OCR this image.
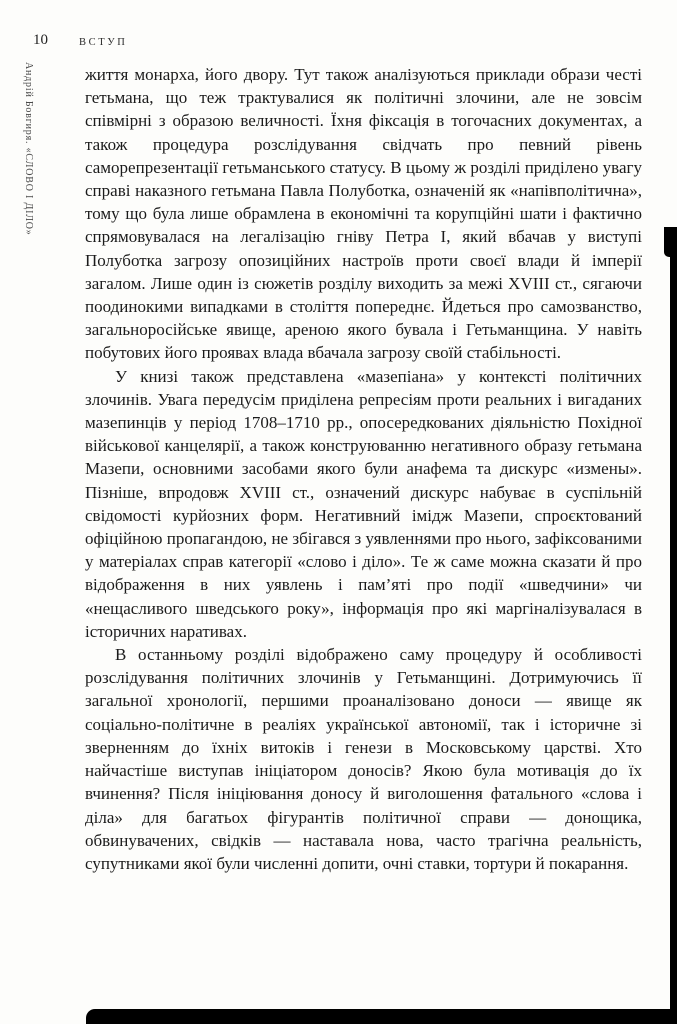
10	ВСТУП
Андрій Бовгиря. «СЛОВО І ДІЛО»	життя монарха, його двору. Тут також аналізуються приклади образи честі гетьмана, що теж трактувалися як політичні злочини, але не зовсім співмірні з образою величності. Їхня фіксація в тогочасних документах, а також процедура розслідування свідчать про певний рівень саморепрезентації гетьманського статусу. В цьому ж розділі приділено увагу справі наказного гетьмана Павла Полуботка, означеній як «напівполітична», тому що була лише обрамлена в економічні та корупційні шати і фактично спрямовувалася на легалізацію гніву Петра І, який вбачав у виступі Полуботка загрозу опозиційних настроїв проти своєї влади й імперії загалом. Лише один із сюжетів розділу виходить за межі XVIII ст., сягаючи поодинокими випадками в століття попереднє. Йдеться про самозванство, загальноросійське явище, ареною якого бувала і Гетьманщина. У навіть побутових його проявах влада вбачала загрозу своїй стабільності.

У книзі також представлена «мазепіана» у контексті політичних злочинів. Увага передусім приділена репресіям проти реальних і вигаданих мазепинців у період 1708–1710 рр., опосередкованих діяльністю Похідної військової канцелярії, а також конструюванню негативного образу гетьмана Мазепи, основними засобами якого були анафема та дискурс «измены». Пізніше, впродовж XVIII ст., означений дискурс набуває в суспільній свідомості курйозних форм. Негативний імідж Мазепи, спроєктований офіційною пропагандою, не збігався з уявленнями про нього, зафіксованими у матеріалах справ категорії «слово і діло». Те ж саме можна сказати й про відображення в них уявлень і пам’яті про події «шведчини» чи «нещасливого шведського року», інформація про які маргіналізувалася в історичних наративах.

В останньому розділі відображено саму процедуру й особливості розслідування політичних злочинів у Гетьманщині. Дотримуючись її загальної хронології, першими проаналізовано доноси — явище як соціально-політичне в реаліях української автономії, так і історичне зі зверненням до їхніх витоків і генези в Московському царстві. Хто найчастіше виступав ініціатором доносів? Якою була мотивація до їх вчинення? Після ініціювання доносу й виголошення фатального «слова і діла» для багатьох фігурантів політичної справи — донощика, обвинувачених, свідків — наставала нова, часто трагічна реальність, супутниками якої були численні допити, очні ставки, тортури й покарання.
